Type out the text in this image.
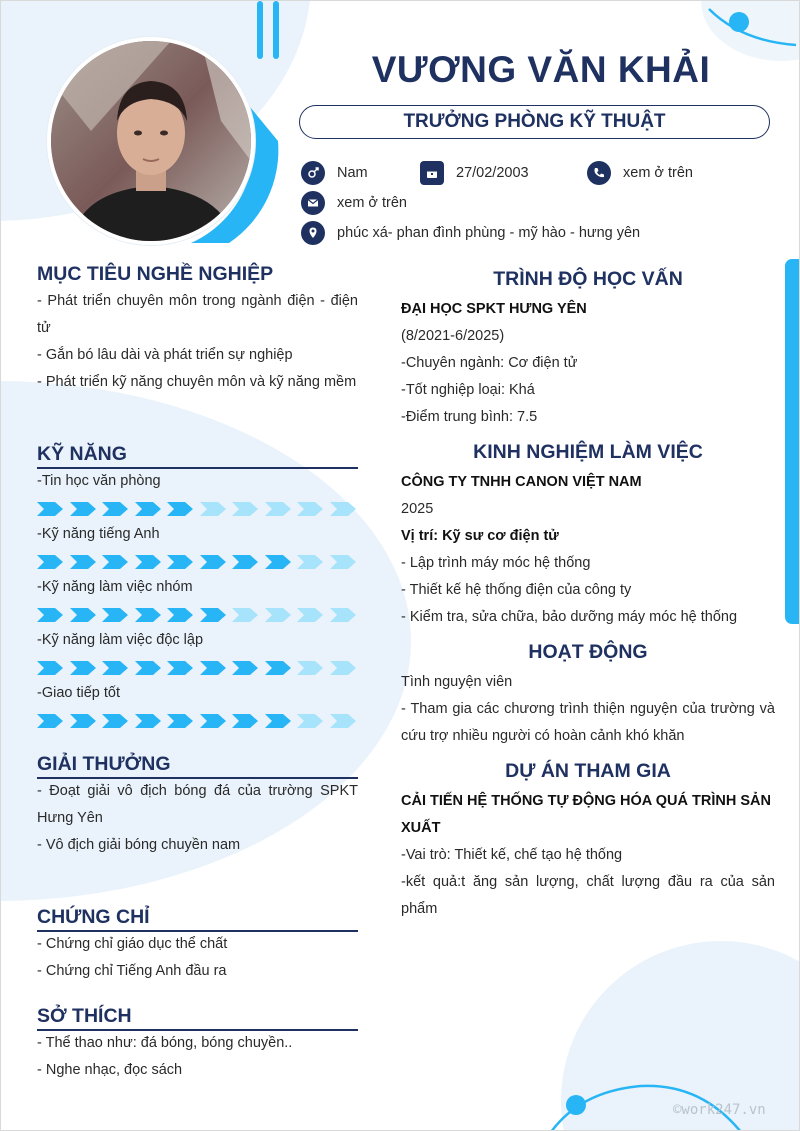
VƯƠNG VĂN KHẢI
TRƯỞNG PHÒNG KỸ THUẬT
Nam	27/02/2003	xem ở trên
xem ở trên
phúc xá- phan đình phùng - mỹ hào - hưng yên
MỤC TIÊU NGHỀ NGHIỆP
- Phát triển chuyên môn trong ngành điện - điện tử
- Gắn bó lâu dài và phát triển sự nghiệp
- Phát triển kỹ năng chuyên môn và kỹ năng mềm
KỸ NĂNG
-Tin học văn phòng
-Kỹ năng tiếng Anh
-Kỹ năng làm việc nhóm
-Kỹ năng làm việc độc lập
-Giao tiếp tốt
GIẢI THƯỞNG
- Đoạt giải vô địch bóng đá của trường SPKT Hưng Yên
- Vô địch giải bóng chuyền nam
CHỨNG CHỈ
- Chứng chỉ giáo dục thể chất
- Chứng chỉ Tiếng Anh đầu ra
SỞ THÍCH
- Thể thao như: đá bóng, bóng chuyền..
- Nghe nhạc, đọc sách
TRÌNH ĐỘ HỌC VẤN
ĐẠI HỌC SPKT HƯNG YÊN
(8/2021-6/2025)
-Chuyên ngành: Cơ điện tử
-Tốt nghiệp loại: Khá
-Điểm trung bình: 7.5
KINH NGHIỆM LÀM VIỆC
CÔNG TY TNHH CANON VIỆT NAM
2025
Vị trí: Kỹ sư cơ điện tử
- Lập trình máy móc hệ thống
- Thiết kế hệ thống điện của công ty
- Kiểm tra, sửa chữa, bảo dưỡng máy móc hệ thống
HOẠT ĐỘNG
Tình nguyện viên
- Tham gia các chương trình thiện nguyện của trường và cứu trợ nhiều người có hoàn cảnh khó khăn
DỰ ÁN THAM GIA
CẢI TIẾN HỆ THỐNG TỰ ĐỘNG HÓA QUÁ TRÌNH SẢN XUẤT
-Vai trò: Thiết kế, chế tạo hệ thống
-kết quả:t ăng sản lượng, chất lượng đầu ra của sản phẩm
©work247.vn
